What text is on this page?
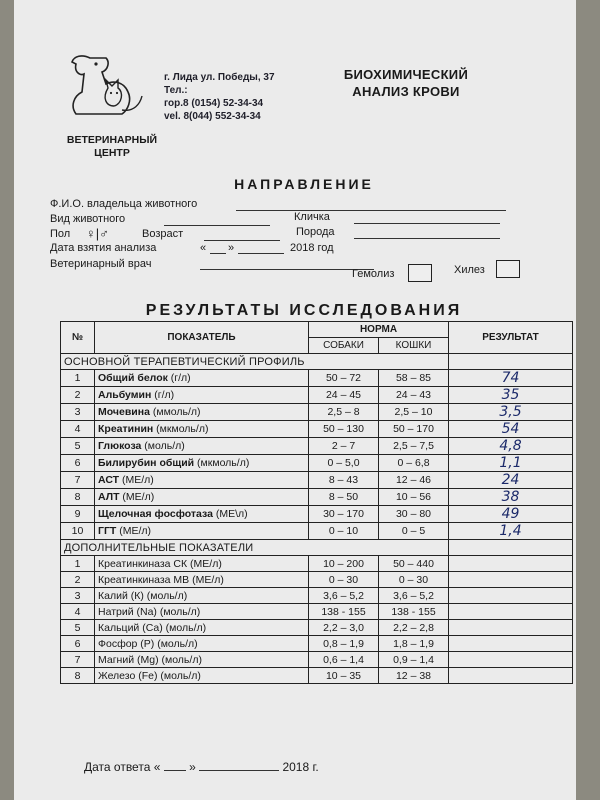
г. Лида ул. Победы, 37
Тел.:
гор.8 (0154) 52-34-34
vel. 8(044) 552-34-34
ВЕТЕРИНАРНЫЙ
ЦЕНТР
БИОХИМИЧЕСКИЙ
АНАЛИЗ КРОВИ
НАПРАВЛЕНИЕ
Ф.И.О. владельца животного
Вид животного	Кличка
Пол ♀|♂	Возраст	Порода
Дата взятия анализа	« »	2018 год
Ветеринарный врач
Гемолиз	Хилез
РЕЗУЛЬТАТЫ ИССЛЕДОВАНИЯ
№	ПОКАЗАТЕЛЬ	НОРМА		РЕЗУЛЬТАТ
		СОБАКИ	КОШКИ	
ОСНОВНОЙ ТЕРАПЕВТИЧЕСКИЙ ПРОФИЛЬ				
1	Общий белок (г/л)	50 – 72	58 – 85	74
2	Альбумин (г/л)	24 – 45	24 – 43	35
3	Мочевина (ммоль/л)	2,5 – 8	2,5 – 10	3,5
4	Креатинин (мкмоль/л)	50 – 130	50 – 170	54
5	Глюкоза (моль/л)	2 – 7	2,5 – 7,5	4,8
6	Билирубин общий (мкмоль/л)	0 – 5,0	0 – 6,8	1,1
7	АСТ (МЕ/л)	8 – 43	12 – 46	24
8	АЛТ (МЕ/л)	8 – 50	10 – 56	38
9	Щелочная фосфотаза (МЕ\л)	30 – 170	30 – 80	49
10	ГГТ (МЕ/л)	0 – 10	0 – 5	1,4
ДОПОЛНИТЕЛЬНЫЕ ПОКАЗАТЕЛИ				
1	Креатинкиназа СК (МЕ/л)	10 – 200	50 – 440	
2	Креатинкиназа МВ (МЕ/л)	0 – 30	0 – 30	
3	Калий (К) (моль/л)	3,6 – 5,2	3,6 – 5,2	
4	Натрий (Na) (моль/л)	138 - 155	138 - 155	
5	Кальций (Са) (моль/л)	2,2 – 3,0	2,2 – 2,8	
6	Фосфор (Р) (моль/л)	0,8 – 1,9	1,8 – 1,9	
7	Магний (Mg) (моль/л)	0,6 – 1,4	0,9 – 1,4	
8	Железо (Fe) (моль/л)	10 – 35	12 – 38	
Дата ответа « »	2018 г.
